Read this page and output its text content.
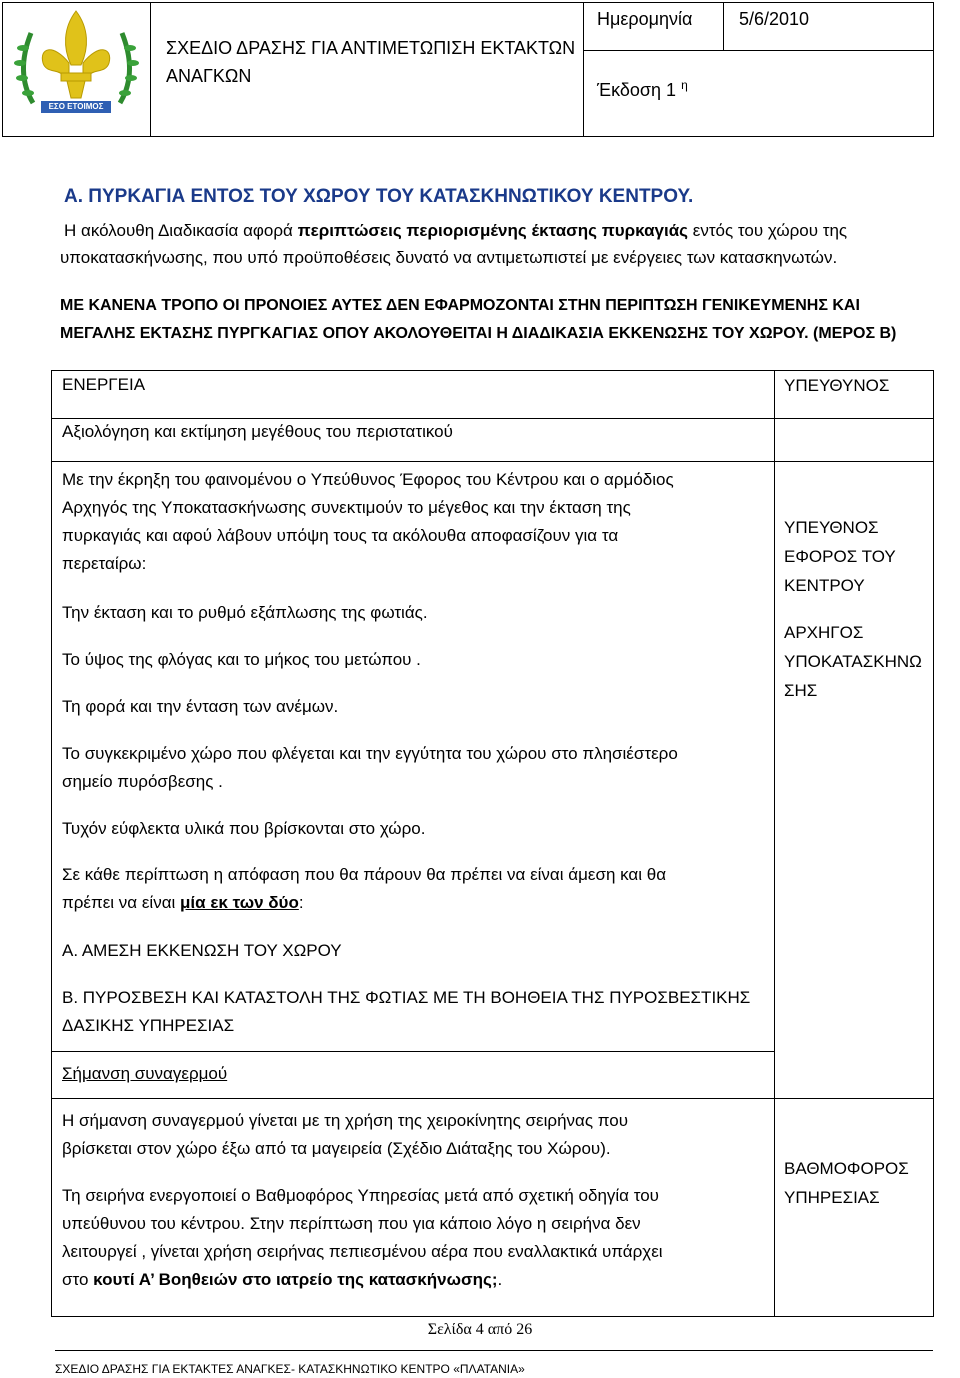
ΕΣΟ ΕΤΟΙΜΟΣ
ΣΧΕΔΙΟ ΔΡΑΣΗΣ ΓΙΑ ΑΝΤΙΜΕΤΩΠΙΣΗ ΕΚΤΑΚΤΩΝ
ΑΝΑΓΚΩΝ
Ημερομηνία	5/6/2010
Έκδοση 1 $^\eta$
Α. ΠΥΡΚΑΓΙΑ ΕΝΤΟΣ ΤΟΥ ΧΩΡΟΥ ΤΟΥ ΚΑΤΑΣΚΗΝΩΤΙΚΟΥ ΚΕΝΤΡΟΥ.
Η ακόλουθη Διαδικασία αφορά περιπτώσεις περιορισμένης έκτασης πυρκαγιάς εντός του χώρου της
υποκατασκήνωσης, που υπό προϋποθέσεις δυνατό να αντιμετωπιστεί με ενέργειες των κατασκηνωτών.
ΜΕ ΚΑΝΕΝΑ ΤΡΟΠΟ ΟΙ ΠΡΟΝΟΙΕΣ ΑΥΤΕΣ ΔΕΝ ΕΦΑΡΜΟΖΟΝΤΑΙ ΣΤΗΝ ΠΕΡΙΠΤΩΣΗ ΓΕΝΙΚΕΥΜΕΝΗΣ ΚΑΙ
ΜΕΓΑΛΗΣ ΕΚΤΑΣΗΣ ΠΥΡΓΚΑΓΙΑΣ ΟΠΟΥ ΑΚΟΛΟΥΘΕΙΤΑΙ Η ΔΙΑΔΙΚΑΣΙΑ ΕΚΚΕΝΩΣΗΣ ΤΟΥ ΧΩΡΟΥ. (ΜΕΡΟΣ Β)
ΕΝΕΡΓΕΙΑ	ΥΠΕΥΘΥΝΟΣ
Αξιολόγηση και εκτίμηση μεγέθους του περιστατικού
Με την έκρηξη του φαινομένου ο Υπεύθυνος Έφορος του Κέντρου και ο αρμόδιος
Αρχηγός της Υποκατασκήνωσης συνεκτιμούν το μέγεθος και την έκταση της
πυρκαγιάς και αφού λάβουν υπόψη τους τα ακόλουθα αποφασίζουν για τα
περεταίρω:
Την έκταση και το ρυθμό εξάπλωσης της φωτιάς.
Το ύψος της φλόγας και το μήκος του μετώπου .
Τη φορά και την ένταση των ανέμων.
Το συγκεκριμένο χώρο που φλέγεται και την εγγύτητα του χώρου στο πλησιέστερο
σημείο πυρόσβεσης .
Τυχόν εύφλεκτα υλικά που βρίσκονται στο χώρο.
Σε κάθε περίπτωση η απόφαση που θα πάρουν θα πρέπει να είναι άμεση και θα
πρέπει να είναι μία εκ των δύο:
Α. ΑΜΕΣΗ ΕΚΚΕΝΩΣΗ ΤΟΥ ΧΩΡΟΥ
Β. ΠΥΡΟΣΒΕΣΗ ΚΑΙ ΚΑΤΑΣΤΟΛΗ ΤΗΣ ΦΩΤΙΑΣ ΜΕ ΤΗ ΒΟΗΘΕΙΑ ΤΗΣ ΠΥΡΟΣΒΕΣΤΙΚΗΣ
ΔΑΣΙΚΗΣ ΥΠΗΡΕΣΙΑΣ
ΥΠΕΥΘΝΟΣ
ΕΦΟΡΟΣ ΤΟΥ
ΚΕΝΤΡΟΥ
ΑΡΧΗΓΟΣ
ΥΠΟΚΑΤΑΣΚΗΝΩ
ΣΗΣ
Σήμανση συναγερμού
Η σήμανση συναγερμού γίνεται με τη χρήση της χειροκίνητης σειρήνας που
βρίσκεται στον χώρο έξω από τα μαγειρεία (Σχέδιο Διάταξης του Χώρου).
Τη σειρήνα ενεργοποιεί ο Βαθμοφόρος Υπηρεσίας μετά από σχετική οδηγία του
υπεύθυνου του κέντρου. Στην περίπτωση που για κάποιο λόγο η σειρήνα δεν
λειτουργεί , γίνεται χρήση σειρήνας πεπιεσμένου αέρα που εναλλακτικά υπάρχει
στο κουτί Α’ Βοηθειών στο ιατρείο της κατασκήνωσης;.
ΒΑΘΜΟΦΟΡΟΣ
ΥΠΗΡΕΣΙΑΣ
Σελίδα 4 από 26
ΣΧΕΔΙΟ ΔΡΑΣΗΣ ΓΙΑ ΕΚΤΑΚΤΕΣ ΑΝΑΓΚΕΣ- ΚΑΤΑΣΚΗΝΩΤΙΚΟ ΚΕΝΤΡΟ «ΠΛΑΤΑΝΙΑ»
